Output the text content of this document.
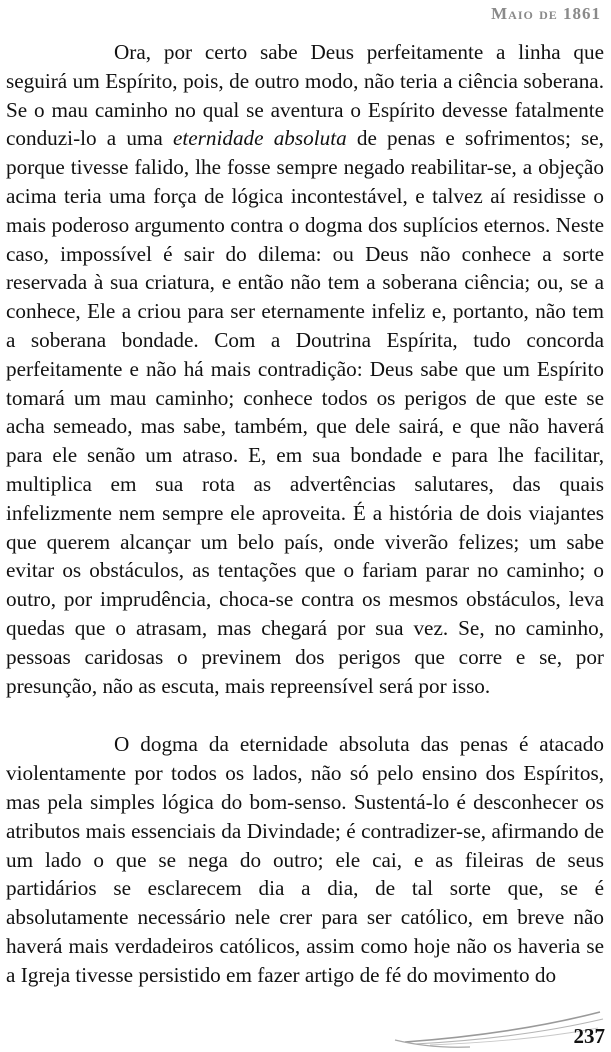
Maio de 1861

Ora, por certo sabe Deus perfeitamente a linha que seguirá um Espírito, pois, de outro modo, não teria a ciência soberana. Se o mau caminho no qual se aventura o Espírito devesse fatalmente conduzi-lo a uma eternidade absoluta de penas e sofrimentos; se, porque tivesse falido, lhe fosse sempre negado reabilitar-se, a objeção acima teria uma força de lógica incontestável, e talvez aí residisse o mais poderoso argumento contra o dogma dos suplícios eternos. Neste caso, impossível é sair do dilema: ou Deus não conhece a sorte reservada à sua criatura, e então não tem a soberana ciência; ou, se a conhece, Ele a criou para ser eternamente infeliz e, portanto, não tem a soberana bondade. Com a Doutrina Espírita, tudo concorda perfeitamente e não há mais contradição: Deus sabe que um Espírito tomará um mau caminho; conhece todos os perigos de que este se acha semeado, mas sabe, também, que dele sairá, e que não haverá para ele senão um atraso. E, em sua bondade e para lhe facilitar, multiplica em sua rota as advertências salutares, das quais infelizmente nem sempre ele aproveita. É a história de dois viajantes que querem alcançar um belo país, onde viverão felizes; um sabe evitar os obstáculos, as tentações que o fariam parar no caminho; o outro, por imprudência, choca-se contra os mesmos obstáculos, leva quedas que o atrasam, mas chegará por sua vez. Se, no caminho, pessoas caridosas o previnem dos perigos que corre e se, por presunção, não as escuta, mais repreensível será por isso.

O dogma da eternidade absoluta das penas é atacado violentamente por todos os lados, não só pelo ensino dos Espíritos, mas pela simples lógica do bom-senso. Sustentá-lo é desconhecer os atributos mais essenciais da Divindade; é contradizer-se, afirmando de um lado o que se nega do outro; ele cai, e as fileiras de seus partidários se esclarecem dia a dia, de tal sorte que, se é absolutamente necessário nele crer para ser católico, em breve não haverá mais verdadeiros católicos, assim como hoje não os haveria se a Igreja tivesse persistido em fazer artigo de fé do movimento do

237
